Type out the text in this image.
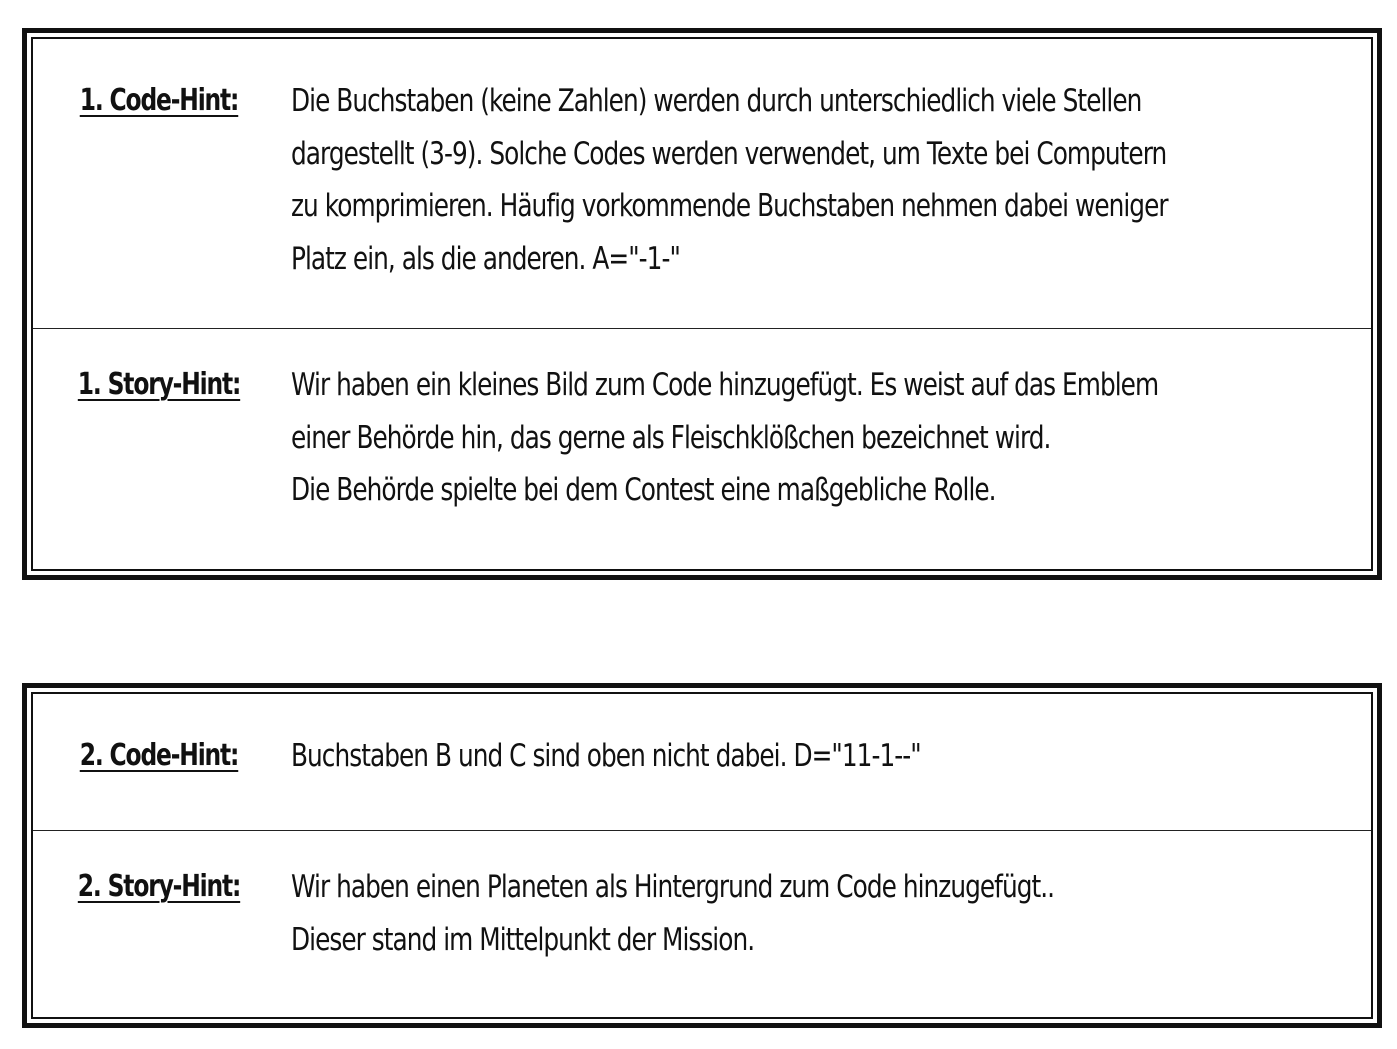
1. Code-Hint:	Die Buchstaben (keine Zahlen) werden durch unterschiedlich viele Stellen
dargestellt (3-9). Solche Codes werden verwendet, um Texte bei Computern
zu komprimieren. Häufig vorkommende Buchstaben nehmen dabei weniger
Platz ein, als die anderen. A="-1-"
1. Story-Hint:	Wir haben ein kleines Bild zum Code hinzugefügt. Es weist auf das Emblem
einer Behörde hin, das gerne als Fleischklößchen bezeichnet wird.
Die Behörde spielte bei dem Contest eine maßgebliche Rolle.
2. Code-Hint:	Buchstaben B und C sind oben nicht dabei. D="11-1--"
2. Story-Hint:	Wir haben einen Planeten als Hintergrund zum Code hinzugefügt..
Dieser stand im Mittelpunkt der Mission.
